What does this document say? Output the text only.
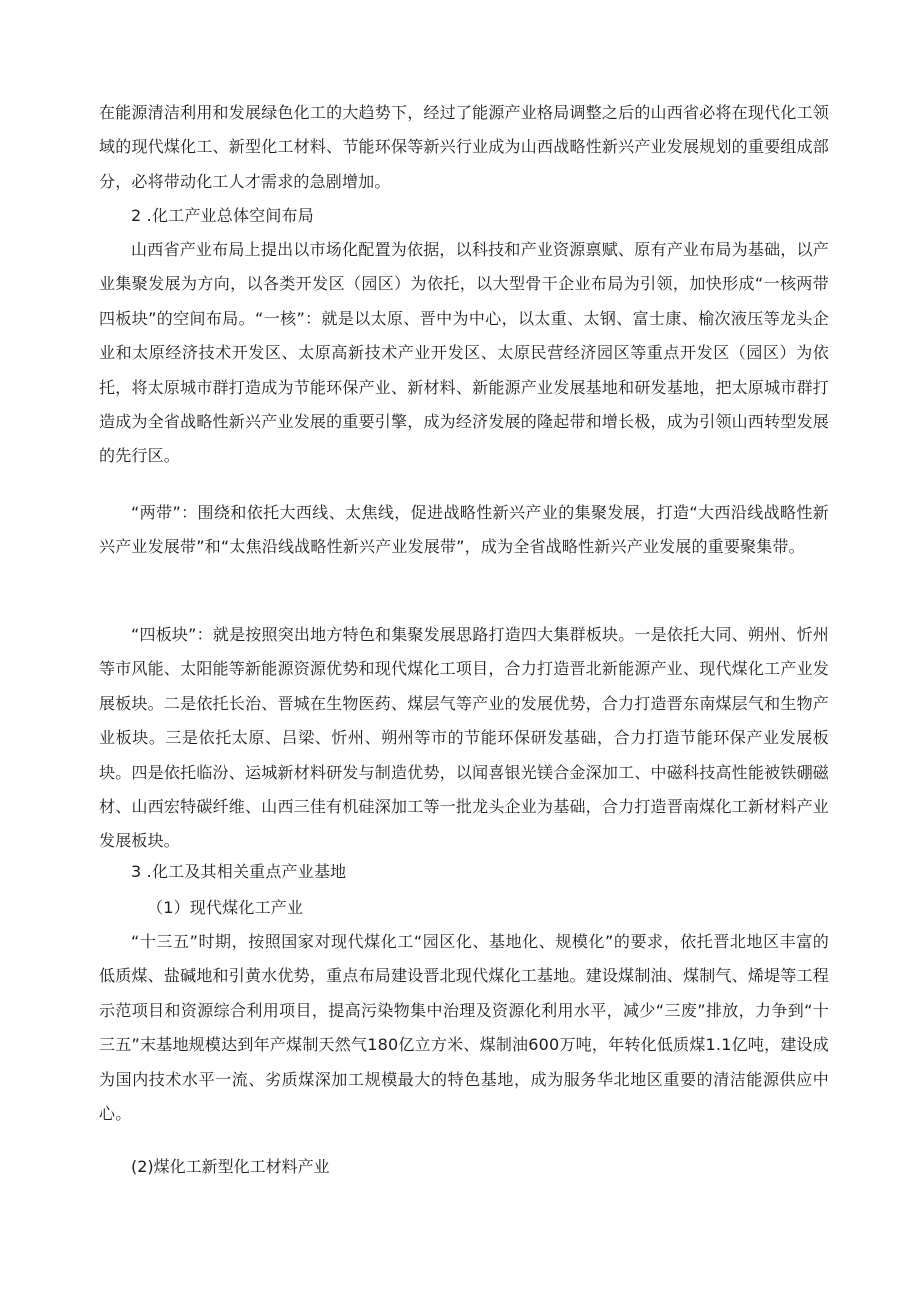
在能源清洁利用和发展绿色化工的大趋势下，经过了能源产业格局调整之后的山西省必将在现代化工领域的现代煤化工、新型化工材料、节能环保等新兴行业成为山西战略性新兴产业发展规划的重要组成部分，必将带动化工人才需求的急剧增加。

2 .化工产业总体空间布局

山西省产业布局上提出以市场化配置为依据，以科技和产业资源禀赋、原有产业布局为基础，以产业集聚发展为方向，以各类开发区（园区）为依托，以大型骨干企业布局为引领，加快形成“一核两带四板块”的空间布局。“一核”：就是以太原、晋中为中心，以太重、太钢、富士康、榆次液压等龙头企业和太原经济技术开发区、太原高新技术产业开发区、太原民营经济园区等重点开发区（园区）为依托，将太原城市群打造成为节能环保产业、新材料、新能源产业发展基地和研发基地，把太原城市群打造成为全省战略性新兴产业发展的重要引擎，成为经济发展的隆起带和增长极，成为引领山西转型发展的先行区。

“两带”：围绕和依托大西线、太焦线，促进战略性新兴产业的集聚发展，打造“大西沿线战略性新兴产业发展带”和“太焦沿线战略性新兴产业发展带”，成为全省战略性新兴产业发展的重要聚集带。

“四板块”：就是按照突出地方特色和集聚发展思路打造四大集群板块。一是依托大同、朔州、忻州等市风能、太阳能等新能源资源优势和现代煤化工项目，合力打造晋北新能源产业、现代煤化工产业发展板块。二是依托长治、晋城在生物医药、煤层气等产业的发展优势，合力打造晋东南煤层气和生物产业板块。三是依托太原、吕梁、忻州、朔州等市的节能环保研发基础，合力打造节能环保产业发展板块。四是依托临汾、运城新材料研发与制造优势，以闻喜银光镁合金深加工、中磁科技高性能被铁硼磁材、山西宏特碳纤维、山西三佳有机硅深加工等一批龙头企业为基础，合力打造晋南煤化工新材料产业发展板块。

3 .化工及其相关重点产业基地

（1）现代煤化工产业

“十三五”时期，按照国家对现代煤化工“园区化、基地化、规模化”的要求，依托晋北地区丰富的低质煤、盐碱地和引黄水优势，重点布局建设晋北现代煤化工基地。建设煤制油、煤制气、烯堤等工程示范项目和资源综合利用项目，提高污染物集中治理及资源化利用水平，减少“三废”排放，力争到“十三五”末基地规模达到年产煤制天然气180亿立方米、煤制油600万吨，年转化低质煤1.1亿吨，建设成为国内技术水平一流、劣质煤深加工规模最大的特色基地，成为服务华北地区重要的清洁能源供应中心。

(2)煤化工新型化工材料产业
